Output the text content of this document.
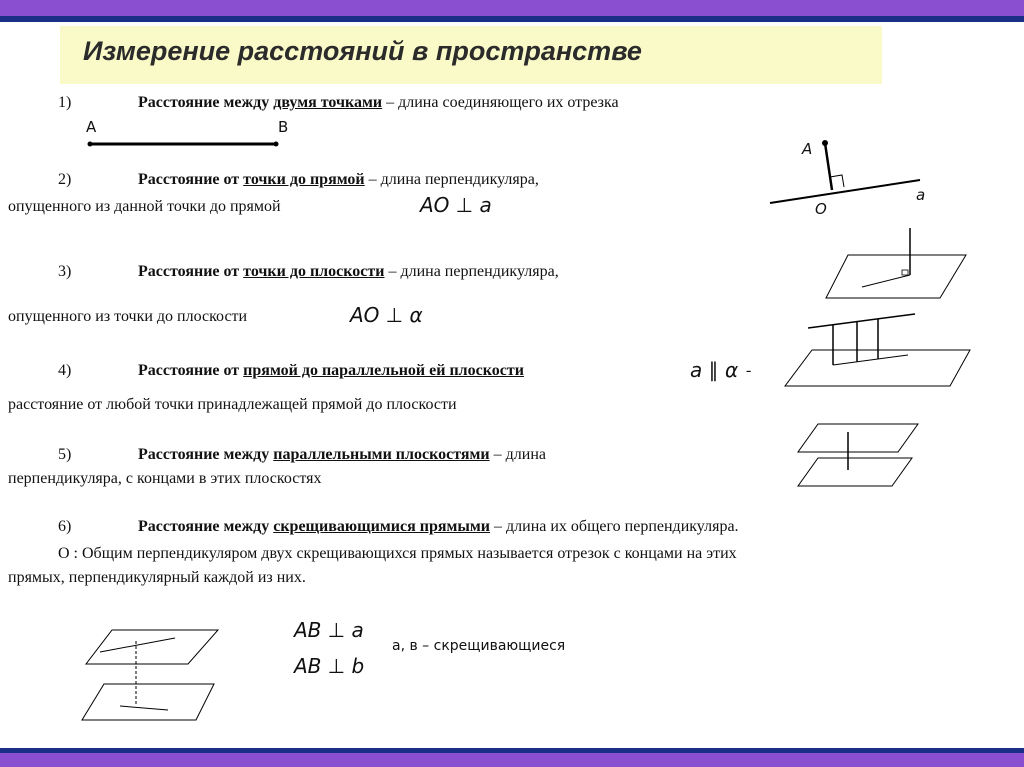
Измерение расстояний в пространстве
1)	Расстояние между двумя точками – длина соединяющего их отрезка
A	B
2)	Расстояние от точки до прямой – длина перпендикуляра,
опущенного из данной точки до прямой	AO ⊥ a
A
O
a
3)	Расстояние от точки до плоскости – длина перпендикуляра,
опущенного из точки до плоскости	AO ⊥ α
4)	Расстояние от прямой до параллельной ей плоскости	a ∥ α -
расстояние от любой точки принадлежащей прямой до плоскости
5)	Расстояние между параллельными плоскостями – длина
перпендикуляра, с концами в этих плоскостях
6)	Расстояние между скрещивающимися прямыми – длина их общего перпендикуляра.
О : Общим перпендикуляром двух скрещивающихся прямых называется отрезок с концами на этих
прямых, перпендикулярный каждой из них.
AB ⊥ a
AB ⊥ b
a, в – скрещивающиеся
